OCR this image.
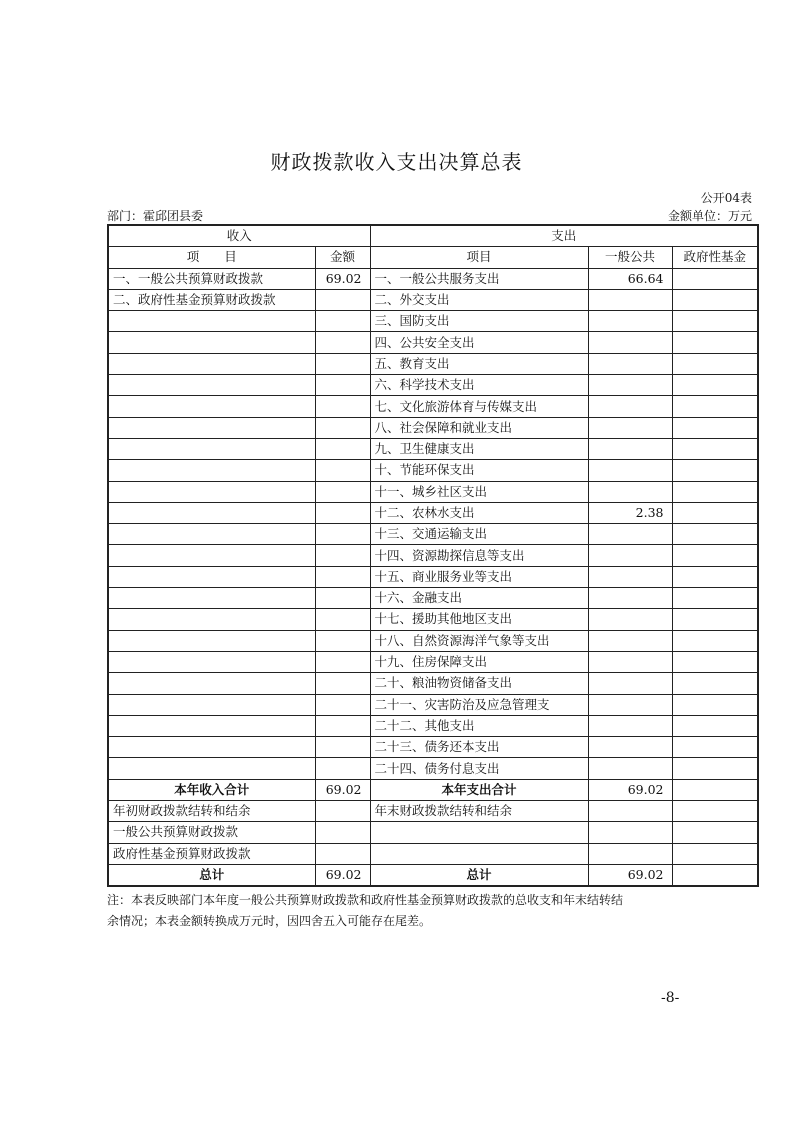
财政拨款收入支出决算总表
公开04表
部门：霍邱团县委	金额单位：万元
收入		支出		
项　　目	金额	项目	一般公共	政府性基金
一、一般公共预算财政拨款	69.02	一、一般公共服务支出	66.64	
二、政府性基金预算财政拨款		二、外交支出		
		三、国防支出		
		四、公共安全支出		
		五、教育支出		
		六、科学技术支出		
		七、文化旅游体育与传媒支出		
		八、社会保障和就业支出		
		九、卫生健康支出		
		十、节能环保支出		
		十一、城乡社区支出		
		十二、农林水支出	2.38	
		十三、交通运输支出		
		十四、资源勘探信息等支出		
		十五、商业服务业等支出		
		十六、金融支出		
		十七、援助其他地区支出		
		十八、自然资源海洋气象等支出		
		十九、住房保障支出		
		二十、粮油物资储备支出		
		二十一、灾害防治及应急管理支		
		二十二、其他支出		
		二十三、债务还本支出		
		二十四、债务付息支出		
本年收入合计	69.02	本年支出合计	69.02	
年初财政拨款结转和结余		年末财政拨款结转和结余		
一般公共预算财政拨款				
政府性基金预算财政拨款				
总计	69.02	总计	69.02	
注：本表反映部门本年度一般公共预算财政拨款和政府性基金预算财政拨款的总收支和年末结转结
余情况；本表金额转换成万元时，因四舍五入可能存在尾差。
-8-
